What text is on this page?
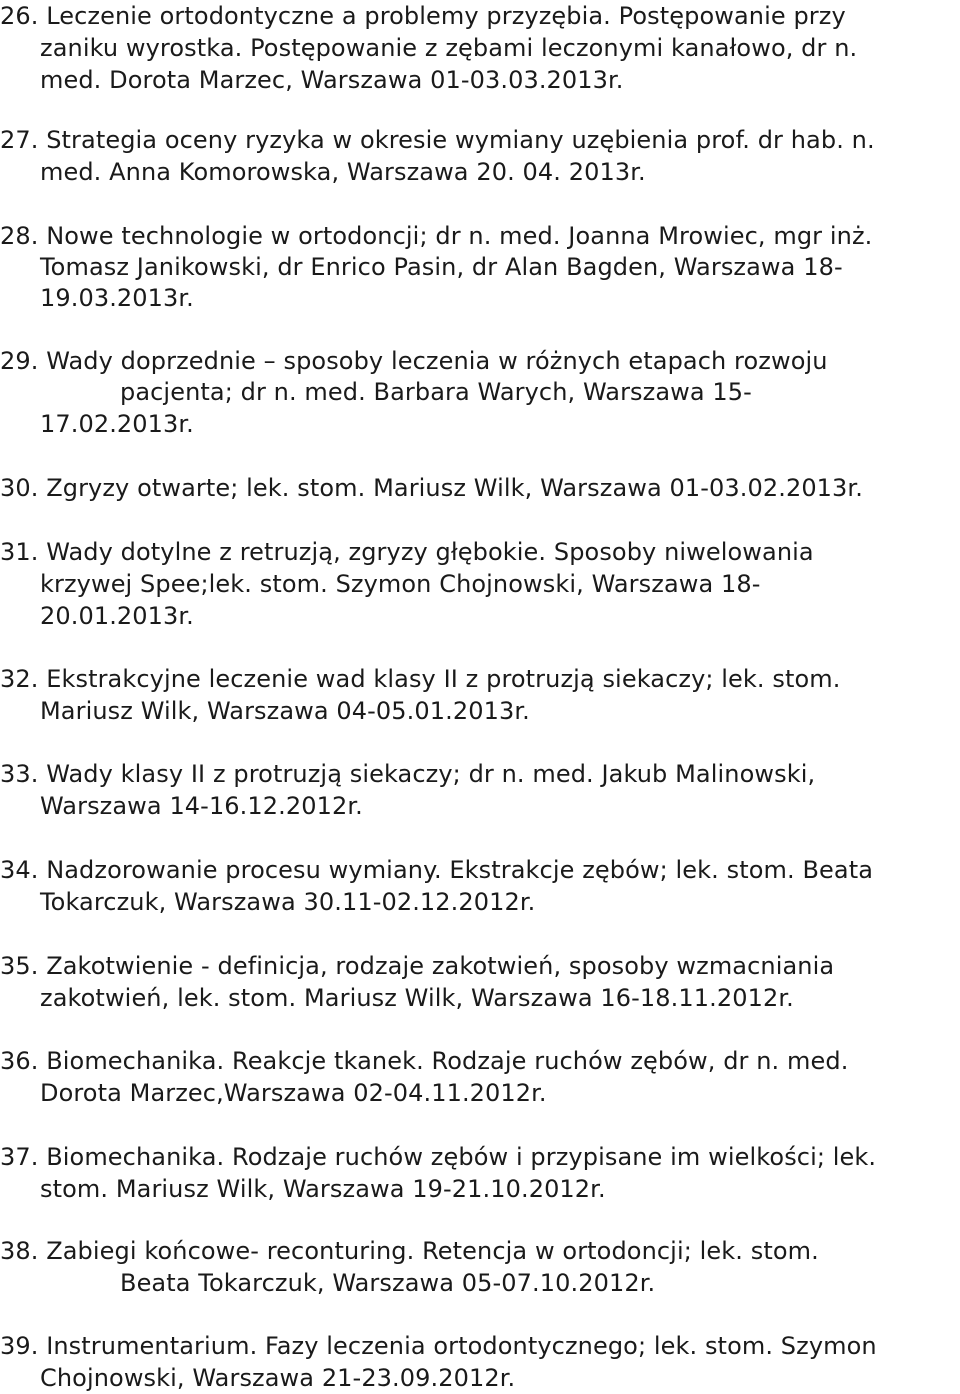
26. Leczenie ortodontyczne a problemy przyzębia. Postępowanie przy
zaniku wyrostka. Postępowanie z zębami leczonymi kanałowo, dr n.
med. Dorota Marzec, Warszawa 01-03.03.2013r.
27. Strategia oceny ryzyka w okresie wymiany uzębienia prof. dr hab. n.
med. Anna Komorowska, Warszawa 20. 04. 2013r.
28. Nowe technologie w ortodoncji; dr n. med. Joanna Mrowiec, mgr inż.
Tomasz Janikowski, dr Enrico Pasin, dr Alan Bagden, Warszawa 18-
19.03.2013r.
29. Wady doprzednie – sposoby leczenia w różnych etapach rozwoju
pacjenta; dr n. med. Barbara Warych, Warszawa 15-
17.02.2013r.
30. Zgryzy otwarte; lek. stom. Mariusz Wilk, Warszawa 01-03.02.2013r.
31. Wady dotylne z retruzją, zgryzy głębokie. Sposoby niwelowania
krzywej Spee;lek. stom. Szymon Chojnowski, Warszawa 18-
20.01.2013r.
32. Ekstrakcyjne leczenie wad klasy II z protruzją siekaczy; lek. stom.
Mariusz Wilk, Warszawa 04-05.01.2013r.
33. Wady klasy II z protruzją siekaczy; dr n. med. Jakub Malinowski,
Warszawa 14-16.12.2012r.
34. Nadzorowanie procesu wymiany. Ekstrakcje zębów; lek. stom. Beata
Tokarczuk, Warszawa 30.11-02.12.2012r.
35. Zakotwienie - definicja, rodzaje zakotwień, sposoby wzmacniania
zakotwień, lek. stom. Mariusz Wilk, Warszawa 16-18.11.2012r.
36. Biomechanika. Reakcje tkanek. Rodzaje ruchów zębów, dr n. med.
Dorota Marzec,Warszawa 02-04.11.2012r.
37. Biomechanika. Rodzaje ruchów zębów i przypisane im wielkości; lek.
stom. Mariusz Wilk, Warszawa 19-21.10.2012r.
38. Zabiegi końcowe- reconturing. Retencja w ortodoncji; lek. stom.
Beata Tokarczuk, Warszawa 05-07.10.2012r.
39. Instrumentarium. Fazy leczenia ortodontycznego; lek. stom. Szymon
Chojnowski, Warszawa 21-23.09.2012r.
